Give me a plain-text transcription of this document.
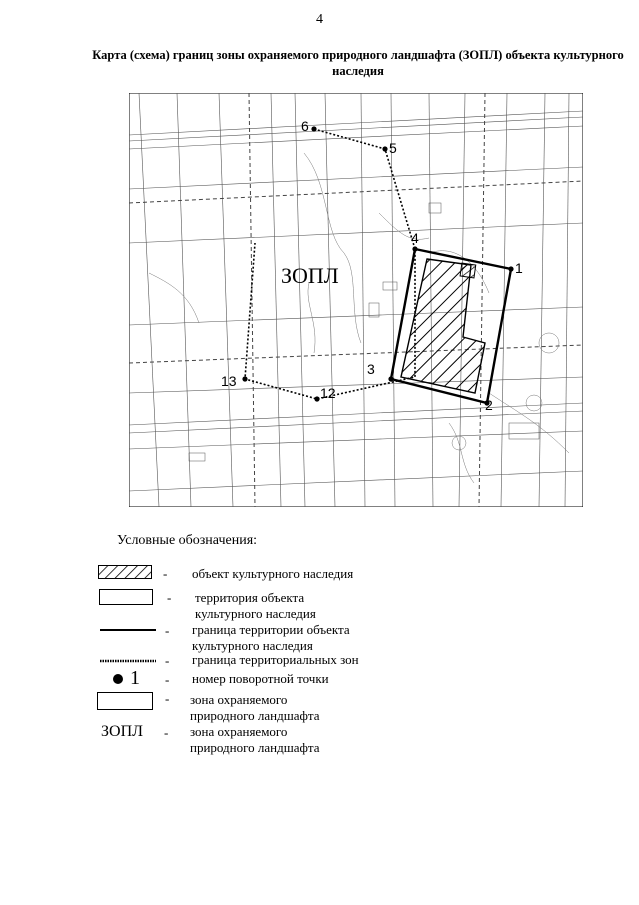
4
Карта (схема) границ зоны охраняемого природного ландшафта (ЗОПЛ) объекта культурного наследия
1
2
3
4
5
6
12
13
ЗОПЛ
Условные обозначения:
- объект культурного наследия
- территория объекта культурного наследия
- граница территории объекта культурного наследия
- граница территориальных зон
1 - номер поворотной точки
- зона охраняемого природного ландшафта
ЗОПЛ - зона охраняемого природного ландшафта
